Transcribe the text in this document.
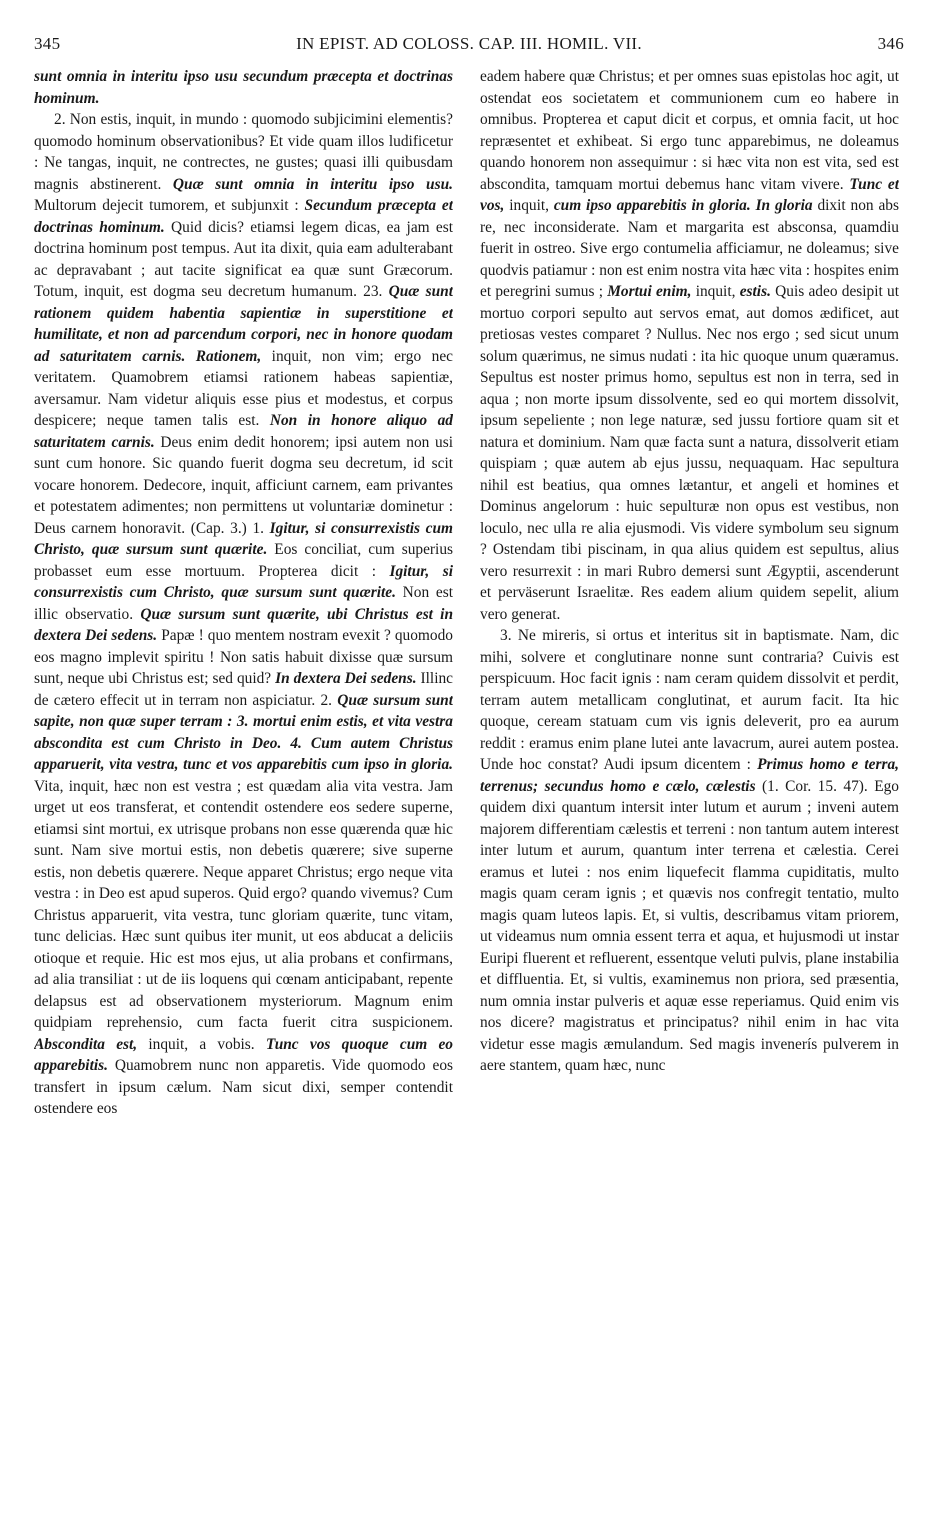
345	IN EPIST. AD COLOSS. CAP. III. HOMIL. VII.	346

sunt omnia in interitu ipso usu secundum præcepta et doctrinas hominum.

2. Non estis, inquit, in mundo : quomodo subjicimini elementis? quomodo hominum observationibus? Et vide quam illos ludificetur : Ne tangas, inquit, ne contrectes, ne gustes; quasi illi quibusdam magnis abstinerent. Quæ sunt omnia in interitu ipso usu. Multorum dejecit tumorem, et subjunxit : Secundum præcepta et doctrinas hominum. Quid dicis? etiamsi legem dicas, ea jam est doctrina hominum post tempus. Aut ita dixit, quia eam adulterabant ac depravabant ; aut tacite significat ea quæ sunt Græcorum. Totum, inquit, est dogma seu decretum humanum. 23. Quæ sunt rationem quidem habentia sapientiæ in superstitione et humilitate, et non ad parcendum corpori, nec in honore quodam ad saturitatem carnis. Rationem, inquit, non vim; ergo nec veritatem. Quamobrem etiamsi rationem habeas sapientiæ, aversamur. Nam videtur aliquis esse pius et modestus, et corpus despicere; neque tamen talis est. Non in honore aliquo ad saturitatem carnis. Deus enim dedit honorem; ipsi autem non usi sunt cum honore. Sic quando fuerit dogma seu decretum, id scit vocare honorem. Dedecore, inquit, afficiunt carnem, eam privantes et potestatem adimentes; non permittens ut voluntariæ dominetur : Deus carnem honoravit. (Cap. 3.) 1. Igitur, si consurrexistis cum Christo, quæ sursum sunt quærite. Eos conciliat, cum superius probasset eum esse mortuum. Propterea dicit : Igitur, si consurrexistis cum Christo, quæ sursum sunt quærite. Non est illic observatio. Quæ sursum sunt quærite, ubi Christus est in dextera Dei sedens. Papæ ! quo mentem nostram evexit ? quomodo eos magno implevit spiritu ! Non satis habuit dixisse quæ sursum sunt, neque ubi Christus est; sed quid? In dextera Dei sedens. Illinc de cætero effecit ut in terram non aspiciatur. 2. Quæ sursum sunt sapite, non quæ super terram : 3. mortui enim estis, et vita vestra abscondita est cum Christo in Deo. 4. Cum autem Christus apparuerit, vita vestra, tunc et vos apparebitis cum ipso in gloria. Vita, inquit, hæc non est vestra ; est quædam alia vita vestra. Jam urget ut eos transferat, et contendit ostendere eos sedere superne, etiamsi sint mortui, ex utrisque probans non esse quærenda quæ hic sunt. Nam sive mortui estis, non debetis quærere; sive superne estis, non debetis quærere. Neque apparet Christus; ergo neque vita vestra : in Deo est apud superos. Quid ergo? quando vivemus? Cum Christus apparuerit, vita vestra, tunc gloriam quærite, tunc vitam, tunc delicias. Hæc sunt quibus iter munit, ut eos abducat a deliciis otioque et requie. Hic est mos ejus, ut alia probans et confirmans, ad alia transiliat : ut de iis loquens qui cœnam anticipabant, repente delapsus est ad observationem mysteriorum. Magnum enim quidpiam reprehensio, cum facta fuerit citra suspicionem. Abscondita est, inquit, a vobis. Tunc vos quoque cum eo apparebitis. Quamobrem nunc non apparetis. Vide quomodo eos transfert in ipsum cælum. Nam sicut dixi, semper contendit ostendere eos

eadem habere quæ Christus; et per omnes suas epistolas hoc agit, ut ostendat eos societatem et communionem cum eo habere in omnibus. Propterea et caput dicit et corpus, et omnia facit, ut hoc repræsentet et exhibeat. Si ergo tunc apparebimus, ne doleamus quando honorem non assequimur : si hæc vita non est vita, sed est abscondita, tamquam mortui debemus hanc vitam vivere. Tunc et vos, inquit, cum ipso apparebitis in gloria. In gloria dixit non abs re, nec inconsiderate. Nam et margarita est absconsa, quamdiu fuerit in ostreo. Sive ergo contumelia afficiamur, ne doleamus; sive quodvis patiamur : non est enim nostra vita hæc vita : hospites enim et peregrini sumus ; Mortui enim, inquit, estis. Quis adeo desipit ut mortuo corpori sepulto aut servos emat, aut domos ædificet, aut pretiosas vestes comparet ? Nullus. Nec nos ergo ; sed sicut unum solum quærimus, ne simus nudati : ita hic quoque unum quæramus. Sepultus est noster primus homo, sepultus est non in terra, sed in aqua ; non morte ipsum dissolvente, sed eo qui mortem dissolvit, ipsum sepeliente ; non lege naturæ, sed jussu fortiore quam sit et natura et dominium. Nam quæ facta sunt a natura, dissolverit etiam quispiam ; quæ autem ab ejus jussu, nequaquam. Hac sepultura nihil est beatius, qua omnes lætantur, et angeli et homines et Dominus angelorum : huic sepulturæ non opus est vestibus, non loculo, nec ulla re alia ejusmodi. Vis videre symbolum seu signum ? Ostendam tibi piscinam, in qua alius quidem est sepultus, alius vero resurrexit : in mari Rubro demersi sunt Ægyptii, ascenderunt et perväserunt Israelitæ. Res eadem alium quidem sepelit, alium vero generat.

3. Ne mireris, si ortus et interitus sit in baptismate. Nam, dic mihi, solvere et conglutinare nonne sunt contraria? Cuivis est perspicuum. Hoc facit ignis : nam ceram quidem dissolvit et perdit, terram autem metallicam conglutinat, et aurum facit. Ita hic quoque, ceream statuam cum vis ignis deleverit, pro ea aurum reddit : eramus enim plane lutei ante lavacrum, aurei autem postea. Unde hoc constat? Audi ipsum dicentem : Primus homo e terra, terrenus; secundus homo e cælo, cælestis (1. Cor. 15. 47). Ego quidem dixi quantum intersit inter lutum et aurum ; inveni autem majorem differentiam cælestis et terreni : non tantum autem interest inter lutum et aurum, quantum inter terrena et cælestia. Cerei eramus et lutei : nos enim liquefecit flamma cupiditatis, multo magis quam ceram ignis ; et quævis nos confregit tentatio, multo magis quam luteos lapis. Et, si vultis, describamus vitam priorem, ut videamus num omnia essent terra et aqua, et hujusmodi ut instar Euripi fluerent et refluerent, essentque veluti pulvis, plane instabilia et diffluentia. Et, si vultis, examinemus non priora, sed præsentia, num omnia instar pulveris et aquæ esse reperiamus. Quid enim vis nos dicere? magistratus et principatus? nihil enim in hac vita videtur esse magis æmulandum. Sed magis invenerís pulverem in aere stantem, quam hæc, nunc
